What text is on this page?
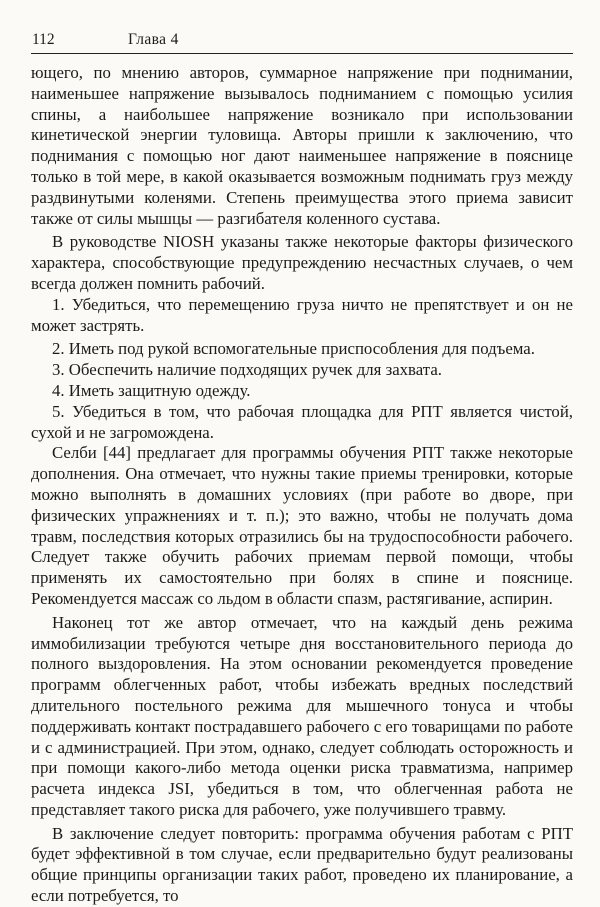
112	Глава 4

ющего, по мнению авторов, суммарное напряжение при поднимании, наименьшее напряжение вызывалось подниманием с помощью усилия спины, а наибольшее напряжение возникало при использовании кинетической энергии туловища. Авторы пришли к заключению, что поднимания с помощью ног дают наименьшее напряжение в пояснице только в той мере, в какой оказывается возможным поднимать груз между раздвинутыми коленями. Степень преимущества этого приема зависит также от силы мышцы — разгибателя коленного сустава.

В руководстве NIOSH указаны также некоторые факторы физического характера, способствующие предупреждению несчастных случаев, о чем всегда должен помнить рабочий.

1. Убедиться, что перемещению груза ничто не препятствует и он не может застрять.

2. Иметь под рукой вспомогательные приспособления для подъема.

3. Обеспечить наличие подходящих ручек для захвата.

4. Иметь защитную одежду.

5. Убедиться в том, что рабочая площадка для РПТ является чистой, сухой и не загромождена.

Селби [44] предлагает для программы обучения РПТ также некоторые дополнения. Она отмечает, что нужны такие приемы тренировки, которые можно выполнять в домашних условиях (при работе во дворе, при физических упражнениях и т. п.); это важно, чтобы не получать дома травм, последствия которых отразились бы на трудоспособности рабочего. Следует также обучить рабочих приемам первой помощи, чтобы применять их самостоятельно при болях в спине и пояснице. Рекомендуется массаж со льдом в области спазм, растягивание, аспирин.

Наконец тот же автор отмечает, что на каждый день режима иммобилизации требуются четыре дня восстановительного периода до полного выздоровления. На этом основании рекомендуется проведение программ облегченных работ, чтобы избежать вредных последствий длительного постельного режима для мышечного тонуса и чтобы поддерживать контакт пострадавшего рабочего с его товарищами по работе и с администрацией. При этом, однако, следует соблюдать осторожность и при помощи какого-либо метода оценки риска травматизма, например расчета индекса JSI, убедиться в том, что облегченная работа не представляет такого риска для рабочего, уже получившего травму.

В заключение следует повторить: программа обучения работам с РПТ будет эффективной в том случае, если предварительно будут реализованы общие принципы организации таких работ, проведено их планирование, а если потребуется, то
